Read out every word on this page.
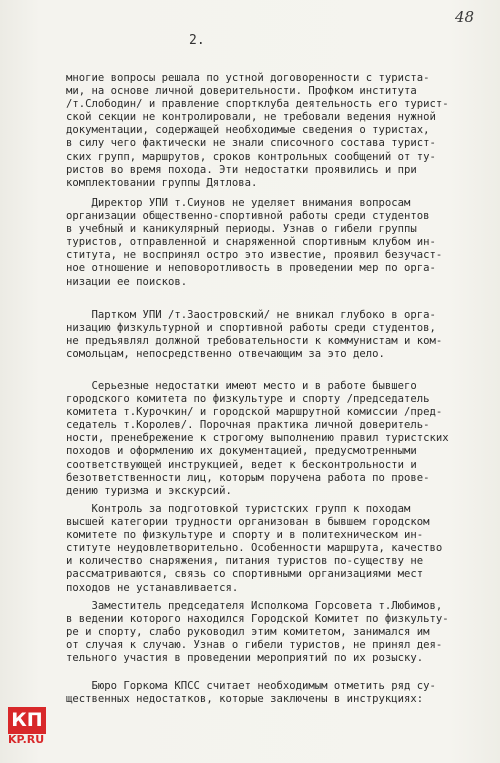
48
2.

многие вопросы решала по устной договоренности с туриста-
ми, на основе личной доверительности. Профком института
/т.Слободин/ и правление спортклуба деятельность его турист-
ской секции не контролировали, не требовали ведения нужной
документации, содержащей необходимые сведения о туристах,
в силу чего фактически не знали списочного состава турист-
ских групп, маршрутов, сроков контрольных сообщений от ту-
ристов во время похода. Эти недостатки проявились и при
комплектовании группы Дятлова.

Директор УПИ т.Сиунов не уделяет внимания вопросам
организации общественно-спортивной работы среди студентов
в учебный и каникулярный периоды. Узнав о гибели группы
туристов, отправленной и снаряженной спортивным клубом ин-
ститута, не воспринял остро это известие, проявил безучаст-
ное отношение и неповоротливость в проведении мер по орга-
низации ее поисков.

Партком УПИ /т.Заостровский/ не вникал глубоко в орга-
низацию физкультурной и спортивной работы среди студентов,
не предъявлял должной требовательности к коммунистам и ком-
сомольцам, непосредственно отвечающим за это дело.

Серьезные недостатки имеют место и в работе бывшего
городского комитета по физкультуре и спорту /председатель
комитета т.Курочкин/ и городской маршрутной комиссии /пред-
седатель т.Королев/. Порочная практика личной доверитель-
ности, пренебрежение к строгому выполнению правил туристских
походов и оформлению их документацией, предусмотренными
соответствующей инструкцией, ведет к бесконтрольности и
безответственности лиц, которым поручена работа по прове-
дению туризма и экскурсий.

Контроль за подготовкой туристских групп к походам
высшей категории трудности организован в бывшем городском
комитете по физкультуре и спорту и в политехническом ин-
ституте неудовлетворительно. Особенности маршрута, качество
и количество снаряжения, питания туристов по-существу не
рассматриваются, связь со спортивными организациями мест
походов не устанавливается.

Заместитель председателя Исполкома Горсовета т.Любимов,
в ведении которого находился Городской Комитет по физкульту-
ре и спорту, слабо руководил этим комитетом, занимался им
от случая к случаю. Узнав о гибели туристов, не принял дея-
тельного участия в проведении мероприятий по их розыску.

Бюро Горкома КПСС считает необходимым отметить ряд су-
щественных недостатков, которые заключены в инструкциях:

КП
KP.RU
